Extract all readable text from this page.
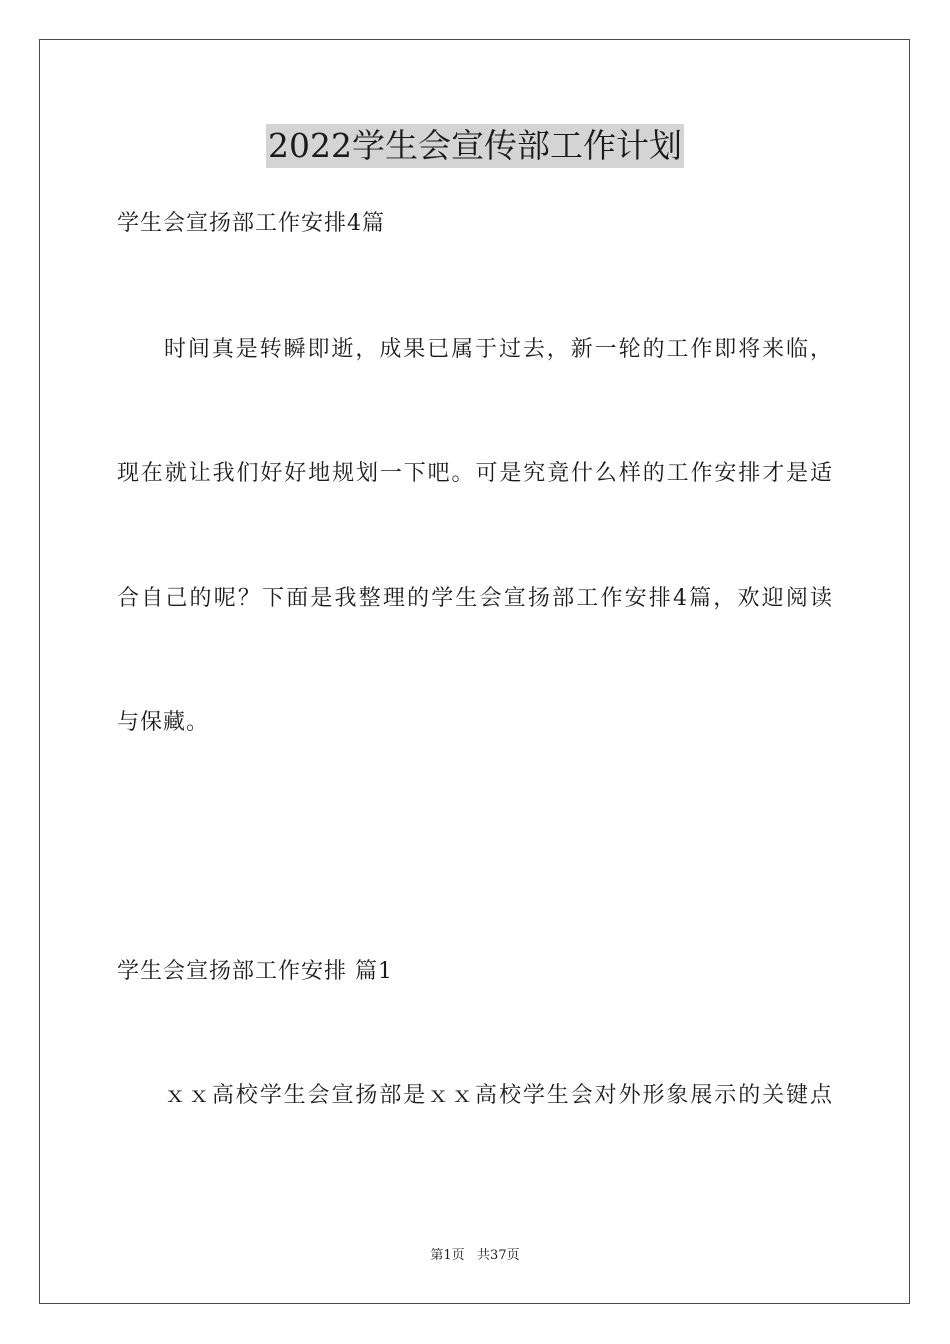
2022学生会宣传部工作计划
学生会宣扬部工作安排4篇
时间真是转瞬即逝，成果已属于过去，新一轮的工作即将来临，
现在就让我们好好地规划一下吧。可是究竟什么样的工作安排才是适
合自己的呢？下面是我整理的学生会宣扬部工作安排4篇，欢迎阅读
与保藏。
学生会宣扬部工作安排 篇1
ｘｘ高校学生会宣扬部是ｘｘ高校学生会对外形象展示的关键点
第1页   共37页
